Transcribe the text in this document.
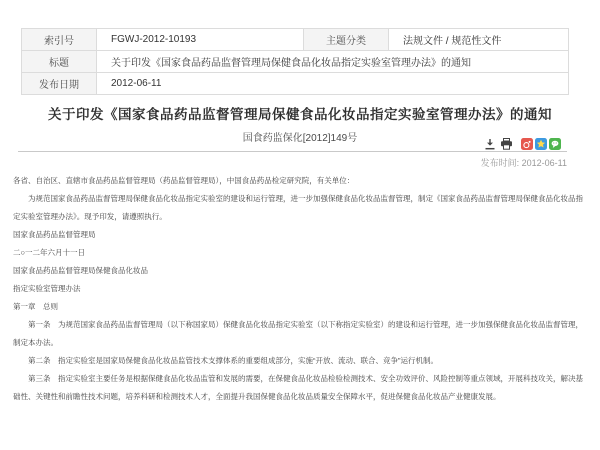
索引号	FGWJ-2012-10193	主题分类	法规文件 / 规范性文件
标题	关于印发《国家食品药品监督管理局保健食品化妆品指定实验室管理办法》的通知		
发布日期	2012-06-11		
关于印发《国家食品药品监督管理局保健食品化妆品指定实验室管理办法》的通知
国食药监保化[2012]149号
发布时间: 2012-06-11

各省、自治区、直辖市食品药品监督管理局（药品监督管理局），中国食品药品检定研究院，有关单位：

为规范国家食品药品监督管理局保健食品化妆品指定实验室的建设和运行管理，进一步加强保健食品化妆品监督管理，制定《国家食品药品监督管理局保健食品化妆品指定实验室管理办法》。现予印发，请遵照执行。

国家食品药品监督管理局

二○一二年六月十一日

国家食品药品监督管理局保健食品化妆品

指定实验室管理办法

第一章　总则

第一条　为规范国家食品药品监督管理局（以下称国家局）保健食品化妆品指定实验室（以下称指定实验室）的建设和运行管理，进一步加强保健食品化妆品监督管理，制定本办法。

第二条　指定实验室是国家局保健食品化妆品监管技术支撑体系的重要组成部分，实施“开放、流动、联合、竞争”运行机制。

第三条　指定实验室主要任务是根据保健食品化妆品监管和发展的需要，在保健食品化妆品检验检测技术、安全功效评价、风险控制等重点领域，开展科技攻关，解决基础性、关键性和前瞻性技术问题，培养科研和检测技术人才，全面提升我国保健食品化妆品质量安全保障水平，促进保健食品化妆品产业健康发展。
